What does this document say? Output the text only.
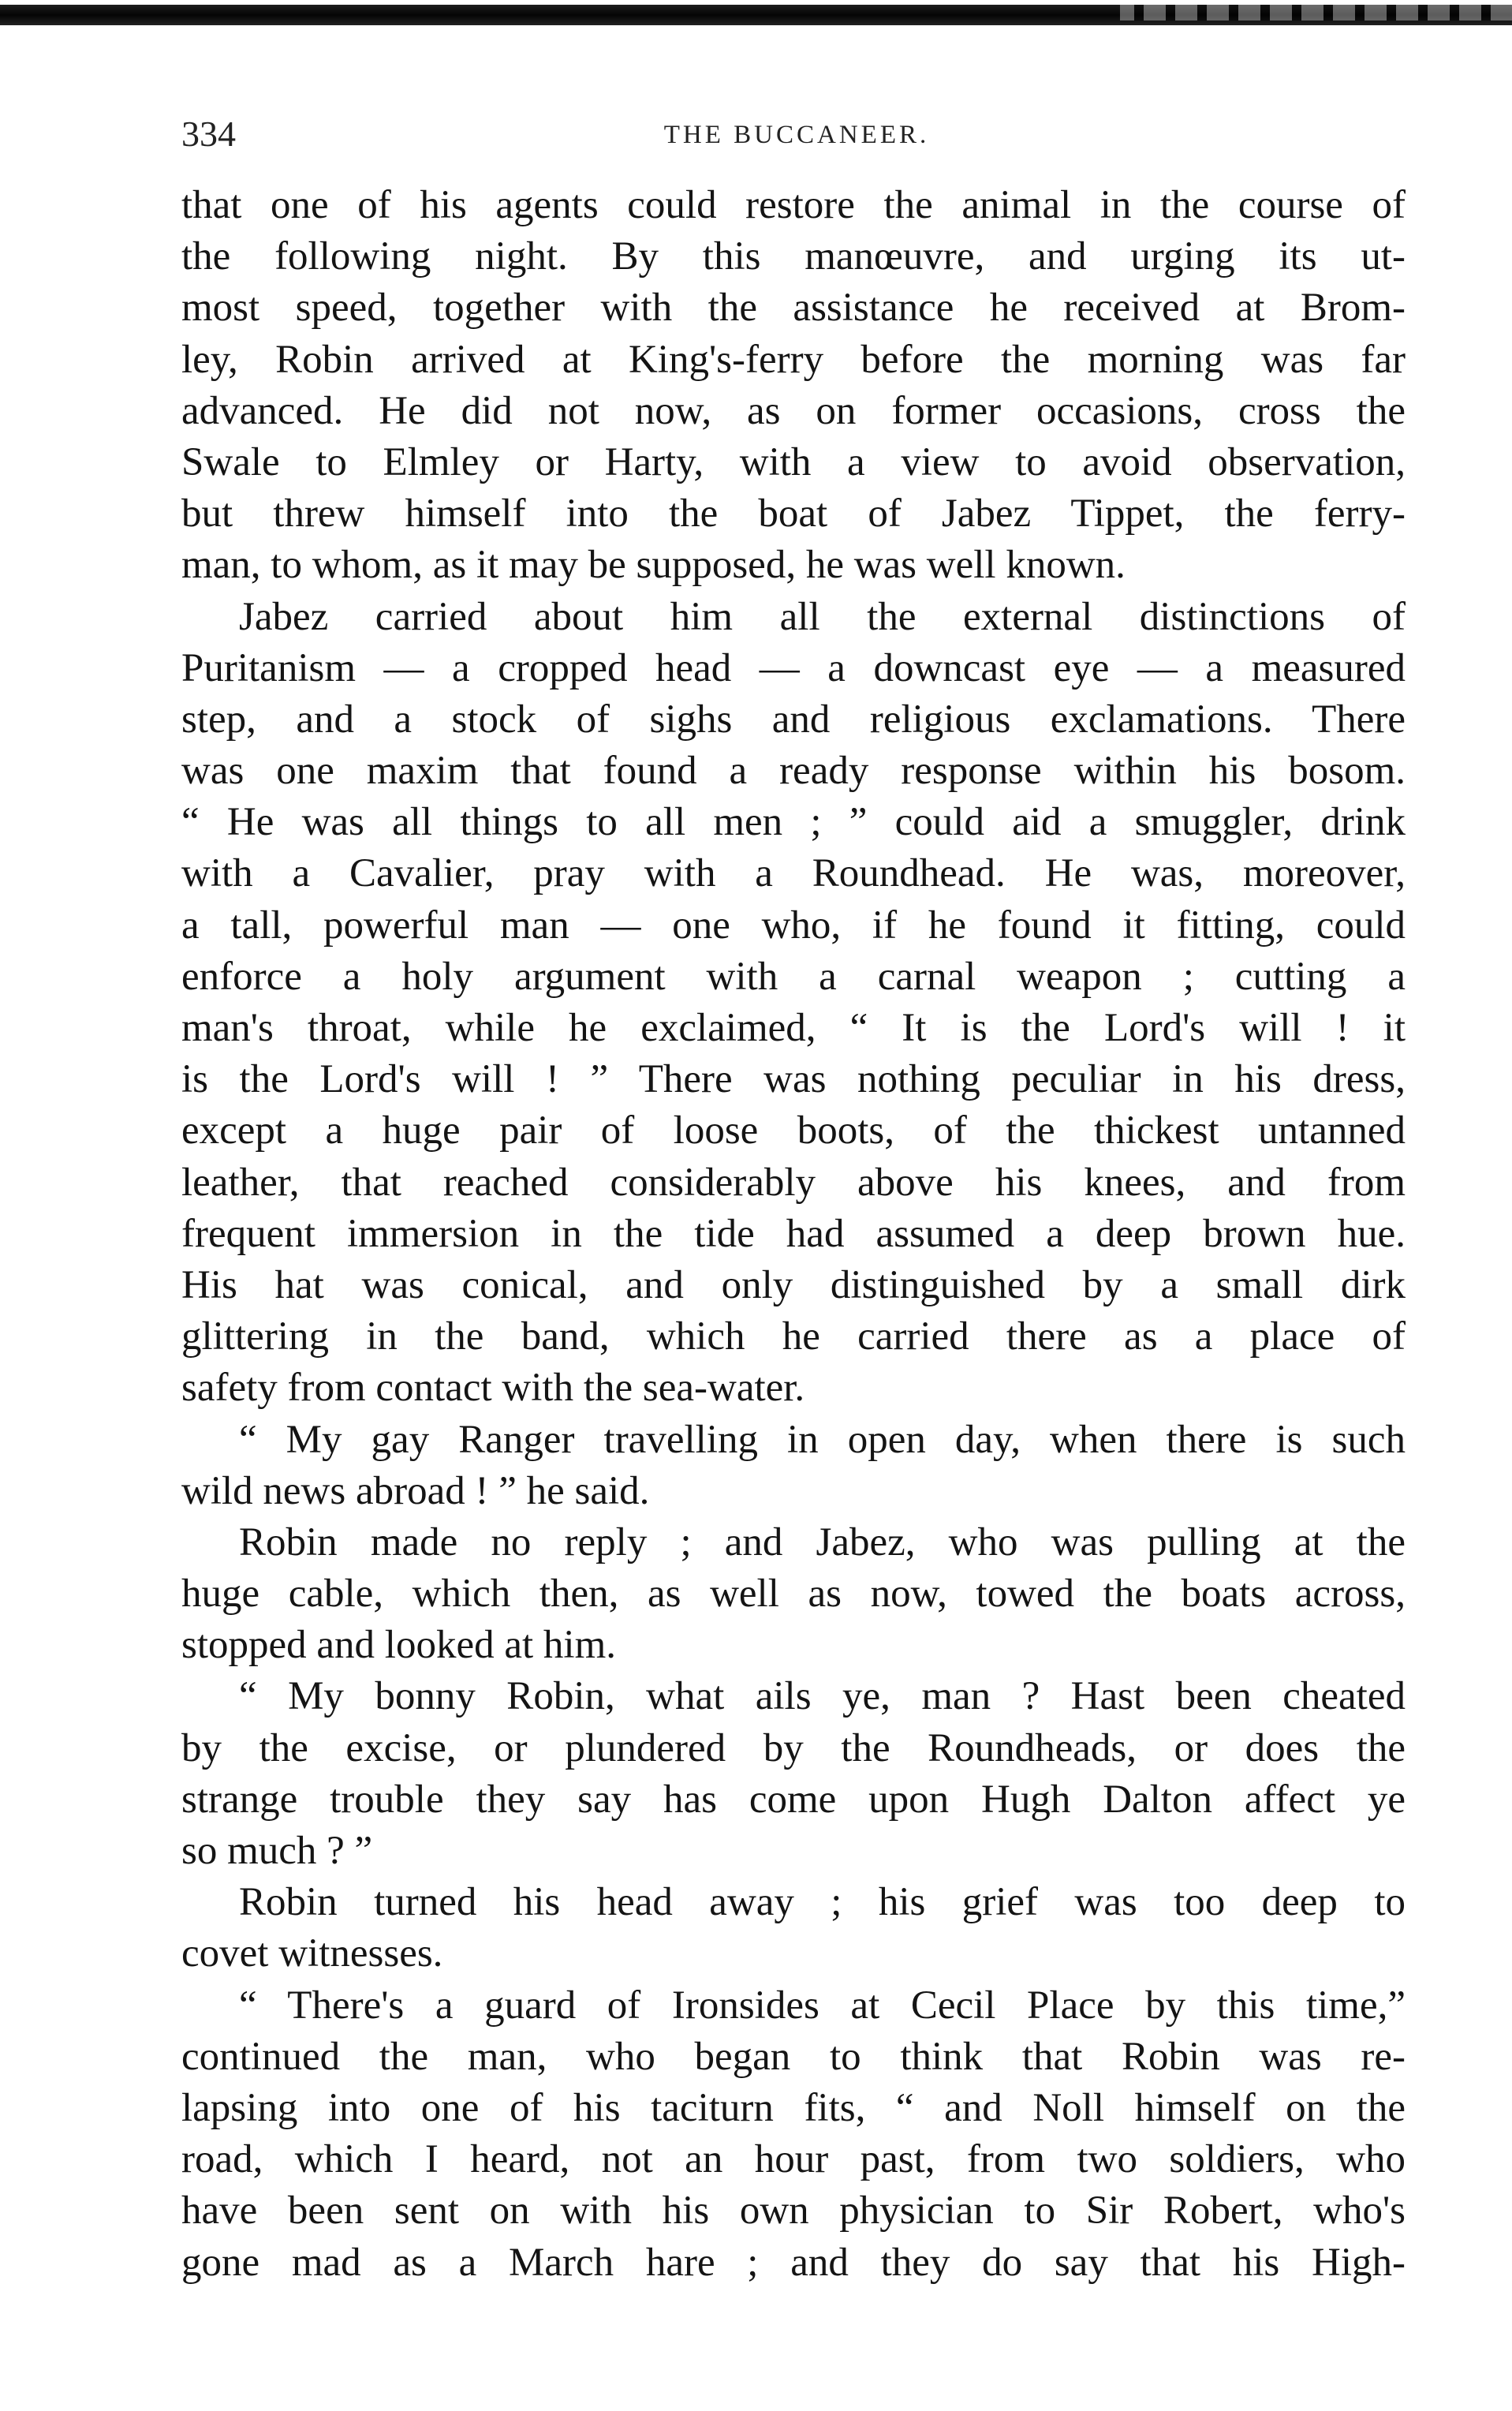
334	THE BUCCANEER.
that one of his agents could restore the animal in the course of
the following night. By this manœuvre, and urging its ut-
most speed, together with the assistance he received at Brom-
ley, Robin arrived at King's-ferry before the morning was far
advanced. He did not now, as on former occasions, cross the
Swale to Elmley or Harty, with a view to avoid observation,
but threw himself into the boat of Jabez Tippet, the ferry-
man, to whom, as it may be supposed, he was well known.
Jabez carried about him all the external distinctions of
Puritanism — a cropped head — a downcast eye — a measured
step, and a stock of sighs and religious exclamations. There
was one maxim that found a ready response within his bosom.
“ He was all things to all men ; ” could aid a smuggler, drink
with a Cavalier, pray with a Roundhead. He was, moreover,
a tall, powerful man — one who, if he found it fitting, could
enforce a holy argument with a carnal weapon ; cutting a
man's throat, while he exclaimed, “ It is the Lord's will ! it
is the Lord's will ! ” There was nothing peculiar in his dress,
except a huge pair of loose boots, of the thickest untanned
leather, that reached considerably above his knees, and from
frequent immersion in the tide had assumed a deep brown hue.
His hat was conical, and only distinguished by a small dirk
glittering in the band, which he carried there as a place of
safety from contact with the sea-water.
“ My gay Ranger travelling in open day, when there is such
wild news abroad ! ” he said.
Robin made no reply ; and Jabez, who was pulling at the
huge cable, which then, as well as now, towed the boats across,
stopped and looked at him.
“ My bonny Robin, what ails ye, man ? Hast been cheated
by the excise, or plundered by the Roundheads, or does the
strange trouble they say has come upon Hugh Dalton affect ye
so much ? ”
Robin turned his head away ; his grief was too deep to
covet witnesses.
“ There's a guard of Ironsides at Cecil Place by this time,”
continued the man, who began to think that Robin was re-
lapsing into one of his taciturn fits, “ and Noll himself on the
road, which I heard, not an hour past, from two soldiers, who
have been sent on with his own physician to Sir Robert, who's
gone mad as a March hare ; and they do say that his High-
